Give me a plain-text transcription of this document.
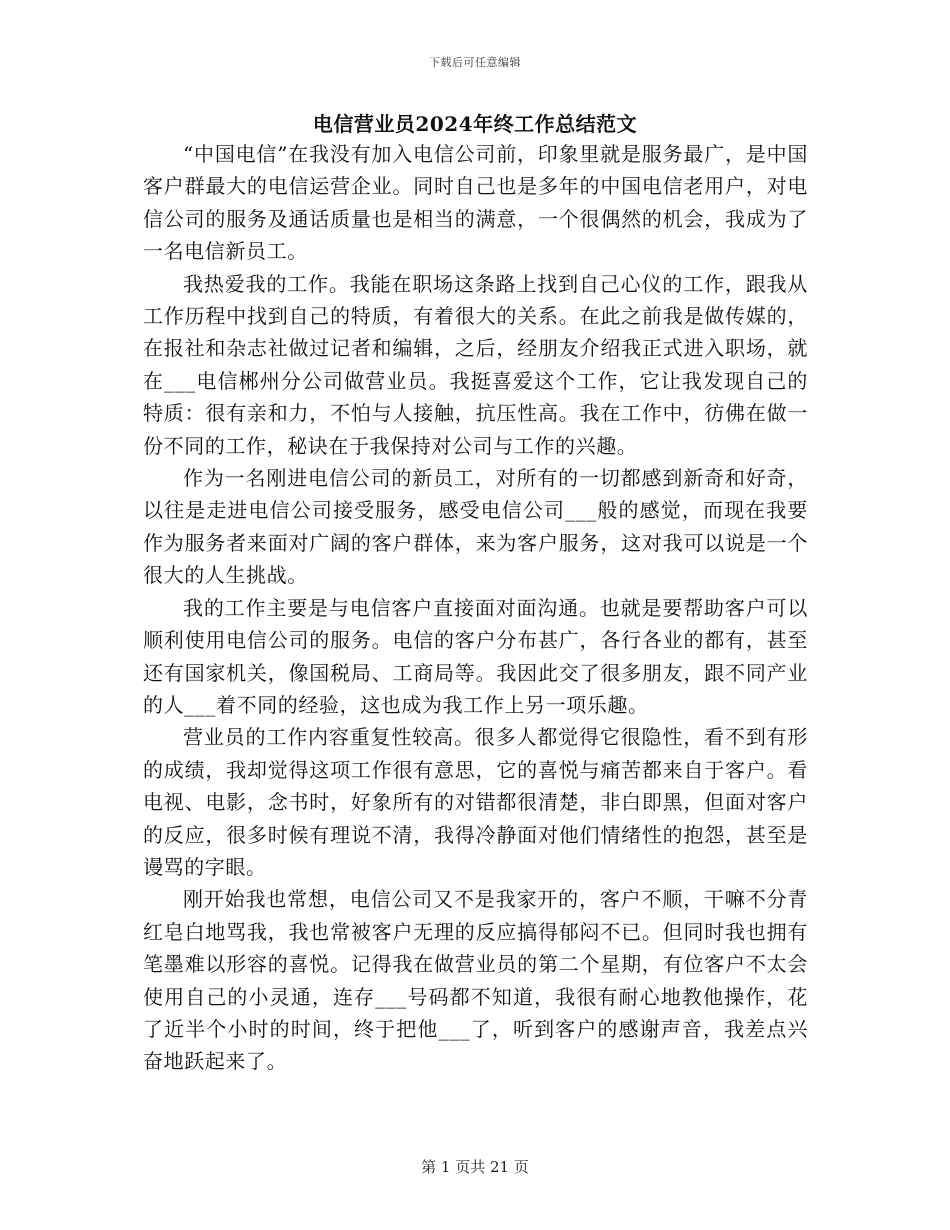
下载后可任意编辑
电信营业员2024年终工作总结范文

“中国电信”在我没有加入电信公司前，印象里就是服务最广，是中国客户群最大的电信运营企业。同时自己也是多年的中国电信老用户，对电信公司的服务及通话质量也是相当的满意，一个很偶然的机会，我成为了一名电信新员工。

我热爱我的工作。我能在职场这条路上找到自己心仪的工作，跟我从工作历程中找到自己的特质，有着很大的关系。在此之前我是做传媒的，在报社和杂志社做过记者和编辑，之后，经朋友介绍我正式进入职场，就在___电信郴州分公司做营业员。我挺喜爱这个工作，它让我发现自己的特质：很有亲和力，不怕与人接触，抗压性高。我在工作中，彷佛在做一份不同的工作，秘诀在于我保持对公司与工作的兴趣。

作为一名刚进电信公司的新员工，对所有的一切都感到新奇和好奇，以往是走进电信公司接受服务，感受电信公司___般的感觉，而现在我要作为服务者来面对广阔的客户群体，来为客户服务，这对我可以说是一个很大的人生挑战。

我的工作主要是与电信客户直接面对面沟通。也就是要帮助客户可以顺利使用电信公司的服务。电信的客户分布甚广，各行各业的都有，甚至还有国家机关，像国税局、工商局等。我因此交了很多朋友，跟不同产业的人___着不同的经验，这也成为我工作上另一项乐趣。

营业员的工作内容重复性较高。很多人都觉得它很隐性，看不到有形的成绩，我却觉得这项工作很有意思，它的喜悦与痛苦都来自于客户。看电视、电影，念书时，好象所有的对错都很清楚，非白即黑，但面对客户的反应，很多时候有理说不清，我得冷静面对他们情绪性的抱怨，甚至是谩骂的字眼。

刚开始我也常想，电信公司又不是我家开的，客户不顺，干嘛不分青红皂白地骂我，我也常被客户无理的反应搞得郁闷不已。但同时我也拥有笔墨难以形容的喜悦。记得我在做营业员的第二个星期，有位客户不太会使用自己的小灵通，连存___号码都不知道，我很有耐心地教他操作，花了近半个小时的时间，终于把他___了，听到客户的感谢声音，我差点兴奋地跃起来了。

第 1 页共 21 页
